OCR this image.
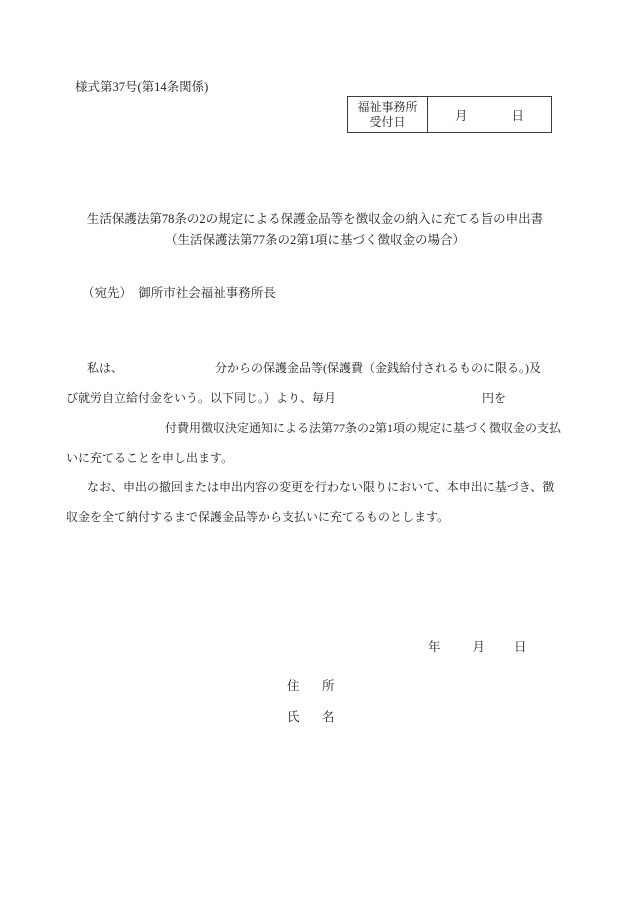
様式第37号(第14条関係)
福祉事務所
受付日	月	日
生活保護法第78条の2の規定による保護金品等を徴収金の納入に充てる旨の申出書
（生活保護法第77条の2第1項に基づく徴収金の場合）
（宛先）　御所市社会福祉事務所長
私は、	分からの保護金品等(保護費（金銭給付されるものに限る。)及
び就労自立給付金をいう。以下同じ。）より、毎月	円を
付費用徴収決定通知による法第77条の2第1項の規定に基づく徴収金の支払
いに充てることを申し出ます。
なお、申出の撤回または申出内容の変更を行わない限りにおいて、本申出に基づき、徴
収金を全て納付するまで保護金品等から支払いに充てるものとします。
年	月 日
住　所
氏　名
